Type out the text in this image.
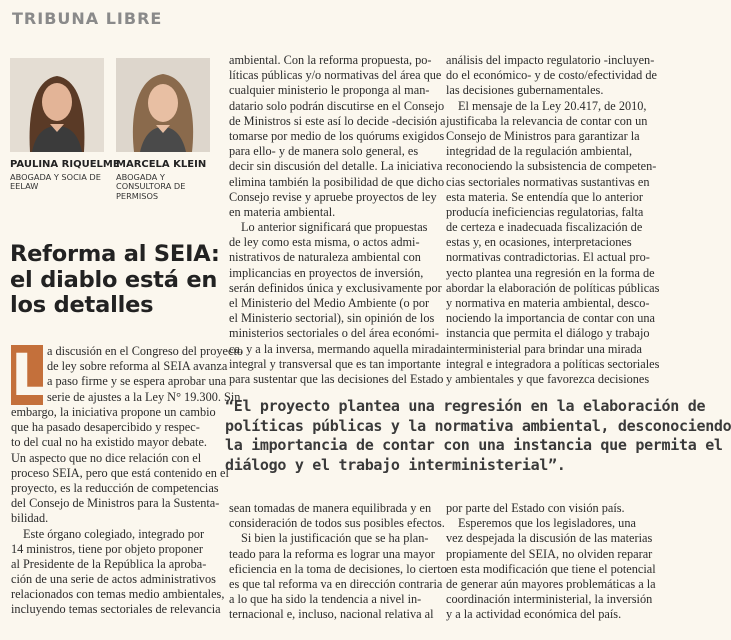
TRIBUNA LIBRE
PAULINA RIQUELME
ABOGADA Y SOCIA DE
EELAW
MARCELA KLEIN
ABOGADA Y
CONSULTORA DE
PERMISOS
Reforma al SEIA:
el diablo está en
los detalles
L a discusión en el Congreso del proyecto
de ley sobre reforma al SEIA avanza
a paso firme y se espera aprobar una
serie de ajustes a la Ley N° 19.300. Sin
embargo, la iniciativa propone un cambio
que ha pasado desapercibido y respec-
to del cual no ha existido mayor debate.
Un aspecto que no dice relación con el
proceso SEIA, pero que está contenido en el
proyecto, es la reducción de competencias
del Consejo de Ministros para la Sustenta-
bilidad.
Este órgano colegiado, integrado por
14 ministros, tiene por objeto proponer
al Presidente de la República la aproba-
ción de una serie de actos administrativos
relacionados con temas medio ambientales,
incluyendo temas sectoriales de relevancia
ambiental. Con la reforma propuesta, po-
líticas públicas y/o normativas del área que
cualquier ministerio le proponga al man-
datario solo podrán discutirse en el Consejo
de Ministros si este así lo decide -decisión a
tomarse por medio de los quórums exigidos
para ello- y de manera solo general, es
decir sin discusión del detalle. La iniciativa
elimina también la posibilidad de que dicho
Consejo revise y apruebe proyectos de ley
en materia ambiental.
Lo anterior significará que propuestas
de ley como esta misma, o actos admi-
nistrativos de naturaleza ambiental con
implicancias en proyectos de inversión,
serán definidos única y exclusivamente por
el Ministerio del Medio Ambiente (o por
el Ministerio sectorial), sin opinión de los
ministerios sectoriales o del área económi-
ca, y a la inversa, mermando aquella mirada
integral y transversal que es tan importante
para sustentar que las decisiones del Estado
análisis del impacto regulatorio -incluyen-
do el económico- y de costo/efectividad de
las decisiones gubernamentales.
El mensaje de la Ley 20.417, de 2010,
justificaba la relevancia de contar con un
Consejo de Ministros para garantizar la
integridad de la regulación ambiental,
reconociendo la subsistencia de competen-
cias sectoriales normativas sustantivas en
esta materia. Se entendía que lo anterior
producía ineficiencias regulatorias, falta
de certeza e inadecuada fiscalización de
estas y, en ocasiones, interpretaciones
normativas contradictorias. El actual pro-
yecto plantea una regresión en la forma de
abordar la elaboración de políticas públicas
y normativa en materia ambiental, desco-
nociendo la importancia de contar con una
instancia que permita el diálogo y trabajo
interministerial para brindar una mirada
integral e integradora a políticas sectoriales
y ambientales y que favorezca decisiones
“El proyecto plantea una regresión en la elaboración de
políticas públicas y la normativa ambiental, desconociendo
la importancia de contar con una instancia que permita el
diálogo y el trabajo interministerial”.
sean tomadas de manera equilibrada y en
consideración de todos sus posibles efectos.
Si bien la justificación que se ha plan-
teado para la reforma es lograr una mayor
eficiencia en la toma de decisiones, lo cierto
es que tal reforma va en dirección contraria
a lo que ha sido la tendencia a nivel in-
ternacional e, incluso, nacional relativa al
por parte del Estado con visión país.
Esperemos que los legisladores, una
vez despejada la discusión de las materias
propiamente del SEIA, no olviden reparar
en esta modificación que tiene el potencial
de generar aún mayores problemáticas a la
coordinación interministerial, la inversión
y a la actividad económica del país.
